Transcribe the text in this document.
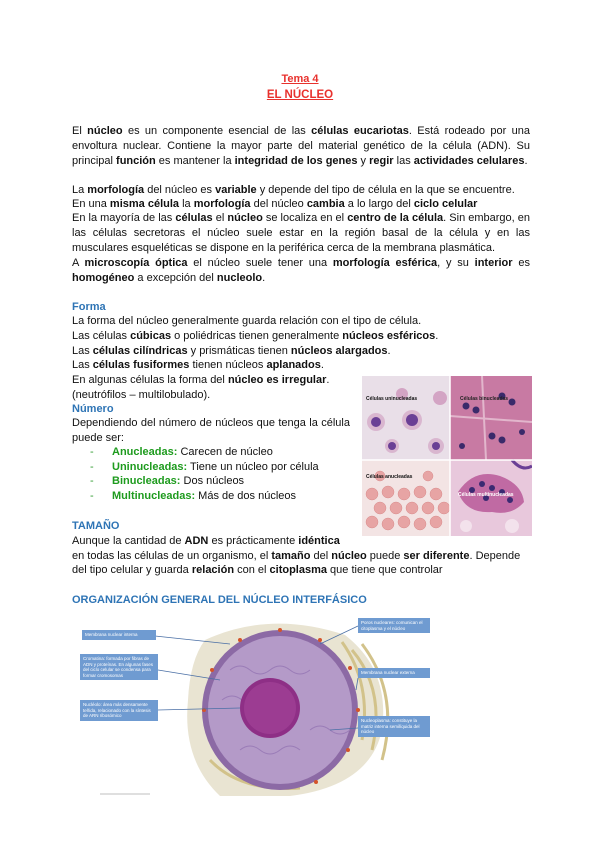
Tema 4
EL NÚCLEO
El núcleo es un componente esencial de las células eucariotas. Está rodeado por una envoltura nuclear. Contiene la mayor parte del material genético de la célula (ADN). Su principal función es mantener la integridad de los genes y regir las actividades celulares.
La morfología del núcleo es variable y depende del tipo de célula en la que se encuentre.
En una misma célula la morfología del núcleo cambia a lo largo del ciclo celular
En la mayoría de las células el núcleo se localiza en el centro de la célula. Sin embargo, en las células secretoras el núcleo suele estar en la región basal de la célula y en las musculares esqueléticas se dispone en la periférica cerca de la membrana plasmática.
A microscopía óptica el núcleo suele tener una morfología esférica, y su interior es homogéneo a excepción del nucleolo.
Forma
La forma del núcleo generalmente guarda relación con el tipo de célula.
Las células cúbicas o poliédricas tienen generalmente núcleos esféricos.
Las células cilíndricas y prismáticas tienen núcleos alargados.
Las células fusiformes tienen núcleos aplanados.
En algunas células la forma del núcleo es irregular.
(neutrófilos – multilobulado).
Número
Dependiendo del número de núcleos que tenga la célula puede ser:
- Anucleadas: Carecen de núcleo
- Uninucleadas: Tiene un núcleo por célula
- Binucleadas: Dos núcleos
- Multinucleadas: Más de dos núcleos
Células uninucleadas	Células binucleadas
Células anucleadas
Células multinucleadas
TAMAÑO
Aunque la cantidad de ADN es prácticamente idéntica
en todas las células de un organismo, el tamaño del núcleo puede ser diferente. Depende
del tipo celular y guarda relación con el citoplasma que tiene que controlar
ORGANIZACIÓN GENERAL DEL NÚCLEO INTERFÁSICO
Membrana nuclear interna
Cromatina: formada por fibras de ADN y proteínas. En algunas fases del ciclo celular se condensa para formar cromosomas
Nucléolo: área más densamente teñida, relacionado con la síntesis de ARN ribosómico
Poros nucleares: comunican el citoplasma y el núcleo
Membrana nuclear externa
Nucleoplasma: constituye la matriz interna semilíquida del núcleo
